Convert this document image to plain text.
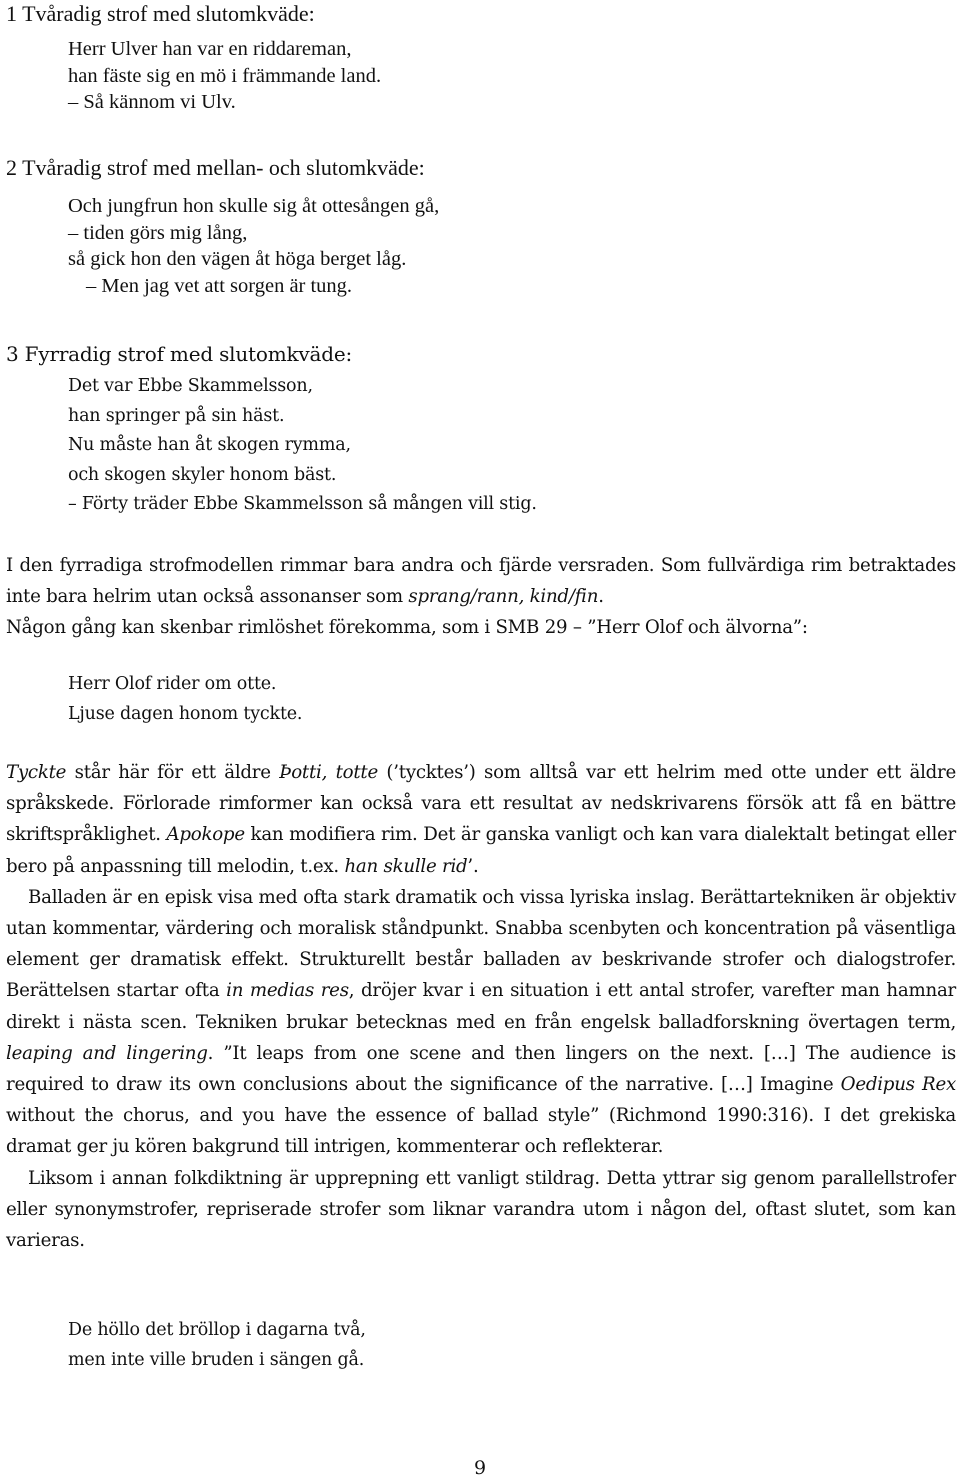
1 Tvåradig strof med slutomkväde:
Herr Ulver han var en riddareman,
han fäste sig en mö i främmande land.
– Så kännom vi Ulv.
2 Tvåradig strof med mellan- och slutomkväde:
Och jungfrun hon skulle sig åt ottesången gå,
– tiden görs mig lång,
så gick hon den vägen åt höga berget låg.
– Men jag vet att sorgen är tung.
3 Fyrradig strof med slutomkväde:
Det var Ebbe Skammelsson,
han springer på sin häst.
Nu måste han åt skogen rymma,
och skogen skyler honom bäst.
– Förty träder Ebbe Skammelsson så mången vill stig.

I den fyrradiga strofmodellen rimmar bara andra och fjärde versraden. Som fullvärdiga rim betraktades inte bara helrim utan också assonanser som sprang/rann, kind/fin.

Någon gång kan skenbar rimlöshet förekomma, som i SMB 29 – ”Herr Olof och älvorna”:

Herr Olof rider om otte.
Ljuse dagen honom tyckte.

Tyckte står här för ett äldre Þotti, totte (’tycktes’) som alltså var ett helrim med otte under ett äldre språkskede. Förlorade rimformer kan också vara ett resultat av nedskrivarens försök att få en bättre skriftspråklighet. Apokope kan modifiera rim. Det är ganska vanligt och kan vara dialektalt betingat eller bero på anpassning till melodin, t.ex. han skulle rid’.

Balladen är en episk visa med ofta stark dramatik och vissa lyriska inslag. Berättartekniken är objektiv utan kommentar, värdering och moralisk ståndpunkt. Snabba scenbyten och koncentration på väsentliga element ger dramatisk effekt. Strukturellt består balladen av beskrivande strofer och dialogstrofer. Berättelsen startar ofta in medias res, dröjer kvar i en situation i ett antal strofer, varefter man hamnar direkt i nästa scen. Tekniken brukar betecknas med en från engelsk balladforskning övertagen term, leaping and lingering. ”It leaps from one scene and then lingers on the next. […] The audience is required to draw its own conclusions about the significance of the narrative. […] Imagine Oedipus Rex without the chorus, and you have the essence of ballad style” (Richmond 1990:316). I det grekiska dramat ger ju kören bakgrund till intrigen, kommenterar och reflekterar.

Liksom i annan folkdiktning är upprepning ett vanligt stildrag. Detta yttrar sig genom parallellstrofer eller synonymstrofer, repriserade strofer som liknar varandra utom i någon del, oftast slutet, som kan varieras.

De höllo det bröllop i dagarna två,
men inte ville bruden i sängen gå.
9
